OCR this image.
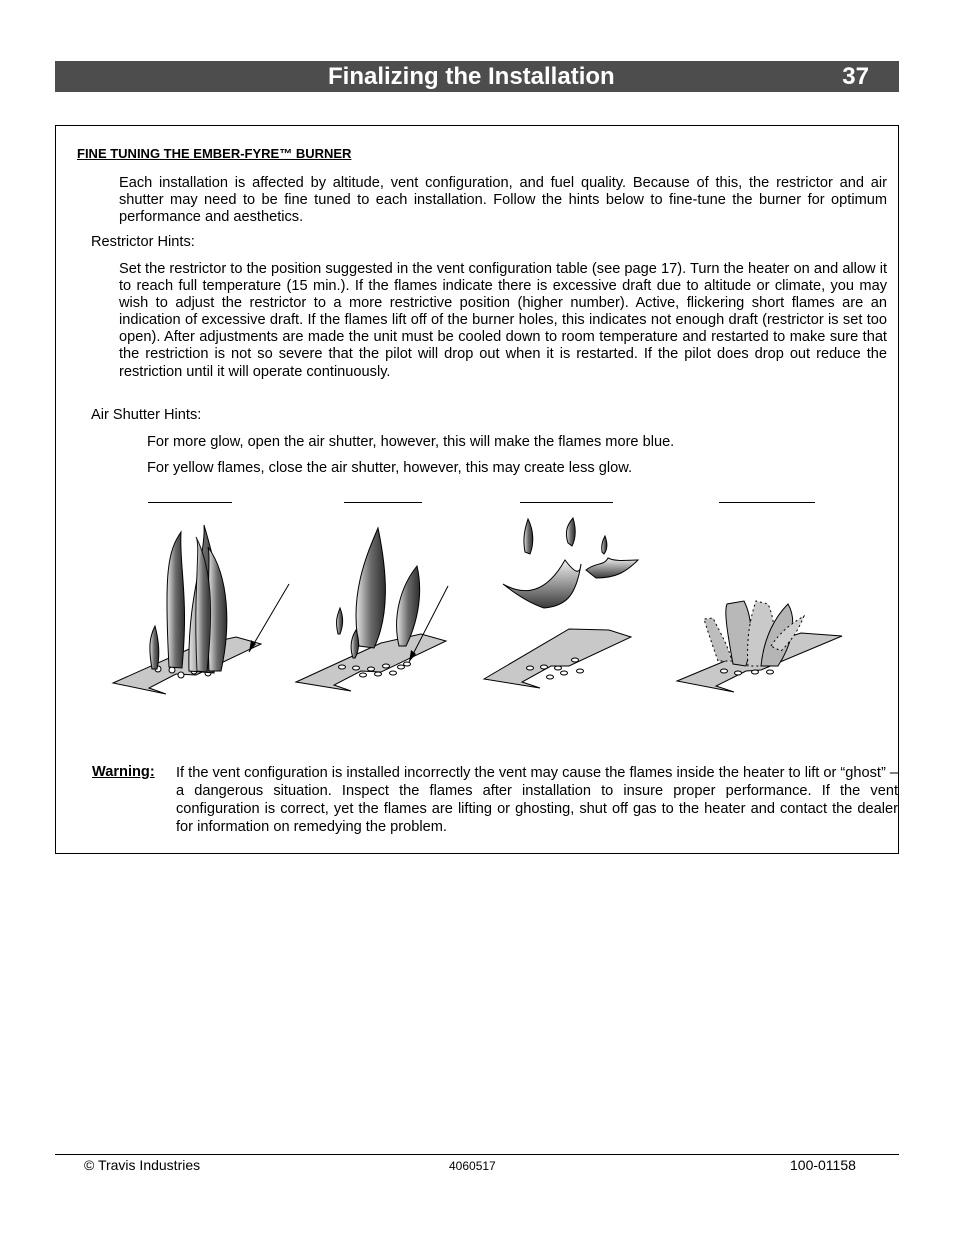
Finalizing the Installation	37
FINE TUNING THE EMBER-FYRE™ BURNER

Each installation is affected by altitude, vent configuration, and fuel quality. Because of this, the restrictor and air shutter may need to be fine tuned to each installation. Follow the hints below to fine-tune the burner for optimum performance and aesthetics.

Restrictor Hints:

Set the restrictor to the position suggested in the vent configuration table (see page 17). Turn the heater on and allow it to reach full temperature (15 min.). If the flames indicate there is excessive draft due to altitude or climate, you may wish to adjust the restrictor to a more restrictive position (higher number). Active, flickering short flames are an indication of excessive draft. If the flames lift off of the burner holes, this indicates not enough draft (restrictor is set too open). After adjustments are made the unit must be cooled down to room temperature and restarted to make sure that the restriction is not so severe that the pilot will drop out when it is restarted. If the pilot does drop out reduce the restriction until it will operate continuously.

Air Shutter Hints:

For more glow, open the air shutter, however, this will make the flames more blue.

For yellow flames, close the air shutter, however, this may create less glow.

Warning: If the vent configuration is installed incorrectly the vent may cause the flames inside the heater to lift or “ghost” – a dangerous situation. Inspect the flames after installation to insure proper performance. If the vent configuration is correct, yet the flames are lifting or ghosting, shut off gas to the heater and contact the dealer for information on remedying the problem.

© Travis Industries	4060517	100-01158
